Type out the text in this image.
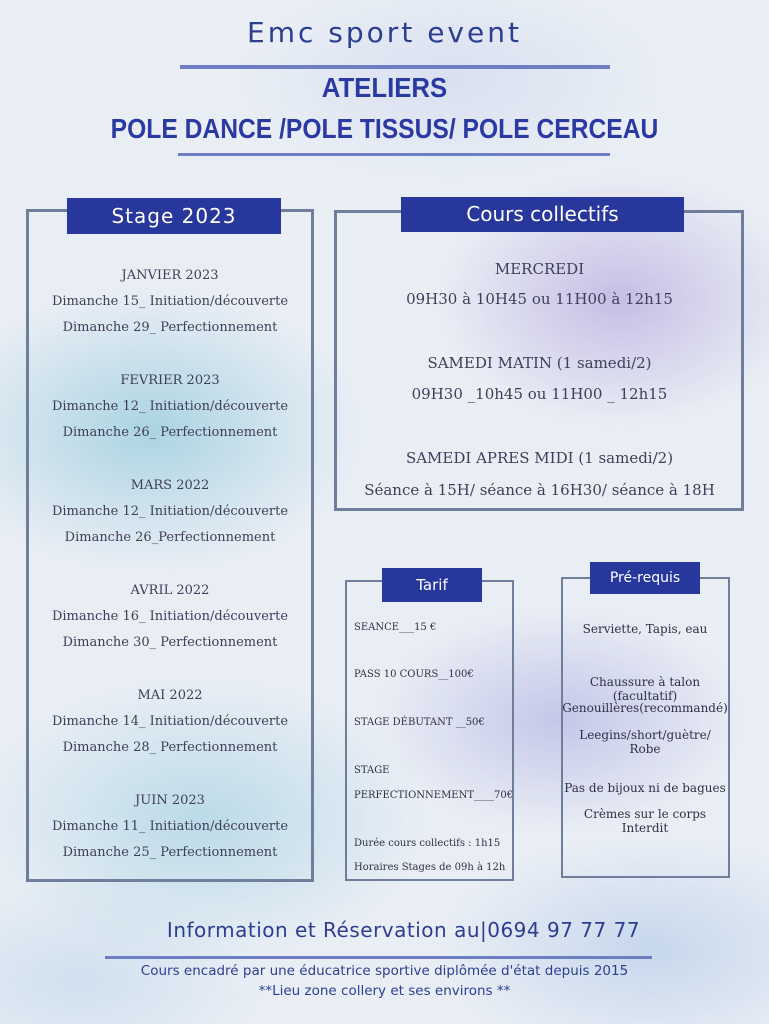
Emc sport event
ATELIERS
POLE DANCE /POLE TISSUS/ POLE CERCEAU
Stage 2023
JANVIER 2023
Dimanche 15_ Initiation/découverte
Dimanche 29_ Perfectionnement
FEVRIER 2023
Dimanche 12_ Initiation/découverte
Dimanche 26_ Perfectionnement
MARS 2022
Dimanche 12_ Initiation/découverte
Dimanche 26_Perfectionnement
AVRIL 2022
Dimanche 16_ Initiation/découverte
Dimanche 30_ Perfectionnement
MAI 2022
Dimanche 14_ Initiation/découverte
Dimanche 28_ Perfectionnement
JUIN 2023
Dimanche 11_ Initiation/découverte
Dimanche 25_ Perfectionnement
Cours collectifs
MERCREDI
09H30 à 10H45 ou 11H00 à 12h15
SAMEDI MATIN (1 samedi/2)
09H30 _10h45 ou 11H00 _ 12h15
SAMEDI APRES MIDI (1 samedi/2)
Séance à 15H/ séance à 16H30/ séance à 18H
Tarif
SEANCE___15 €
PASS 10 COURS__100€
STAGE DÉBUTANT __50€
STAGE
PERFECTIONNEMENT____70€
Durée cours collectifs : 1h15
Horaires Stages de 09h à 12h
Pré-requis
Serviette, Tapis, eau
Chaussure à talon (facultatif)
Genouillères(recommandé)
Leegins/short/guètre/ Robe
Pas de bijoux ni de bagues
Crèmes sur le corps Interdit
Information et Réservation au|0694 97 77 77
Cours encadré par une éducatrice sportive diplômée d'état depuis 2015
**Lieu zone collery et ses environs **
